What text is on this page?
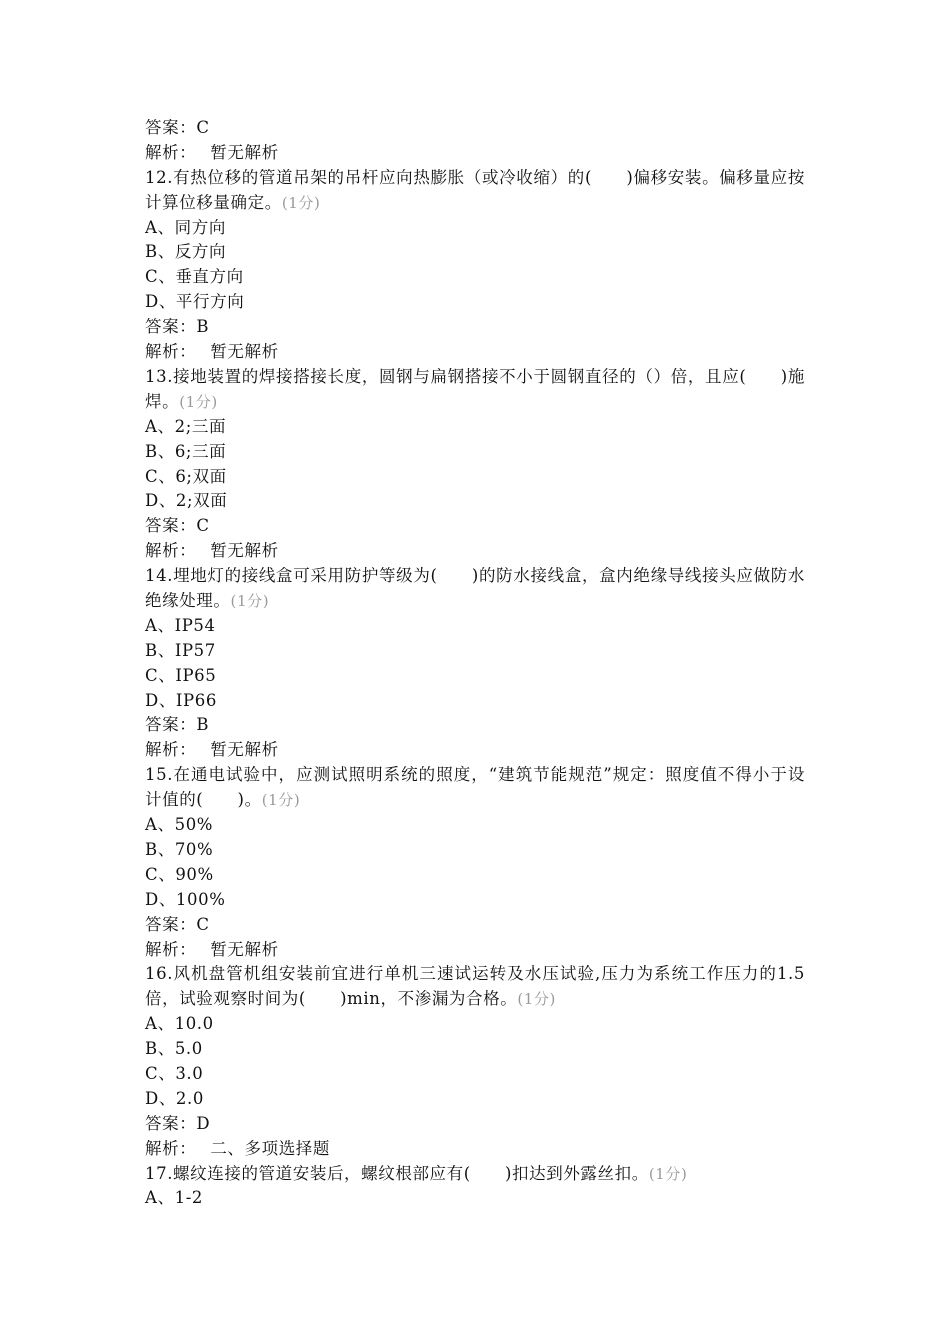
答案：C
解析： 暂无解析
12.有热位移的管道吊架的吊杆应向热膨胀（或冷收缩）的(　　)偏移安装。偏移量应按计算位移量确定。(1分)
A、同方向
B、反方向
C、垂直方向
D、平行方向
答案：B
解析： 暂无解析
13.接地装置的焊接搭接长度，圆钢与扁钢搭接不小于圆钢直径的（）倍，且应(　　)施焊。(1分)
A、2;三面
B、6;三面
C、6;双面
D、2;双面
答案：C
解析： 暂无解析
14.埋地灯的接线盒可采用防护等级为(　　)的防水接线盒，盒内绝缘导线接头应做防水绝缘处理。(1分)
A、IP54
B、IP57
C、IP65
D、IP66
答案：B
解析： 暂无解析
15.在通电试验中，应测试照明系统的照度，“建筑节能规范”规定：照度值不得小于设计值的(　　)。(1分)
A、50%
B、70%
C、90%
D、100%
答案：C
解析： 暂无解析
16.风机盘管机组安装前宜进行单机三速试运转及水压试验,压力为系统工作压力的1.5倍，试验观察时间为(　　)min，不渗漏为合格。(1分)
A、10.0
B、5.0
C、3.0
D、2.0
答案：D
解析： 二、多项选择题
17.螺纹连接的管道安装后，螺纹根部应有(　　)扣达到外露丝扣。(1分)
A、1-2
